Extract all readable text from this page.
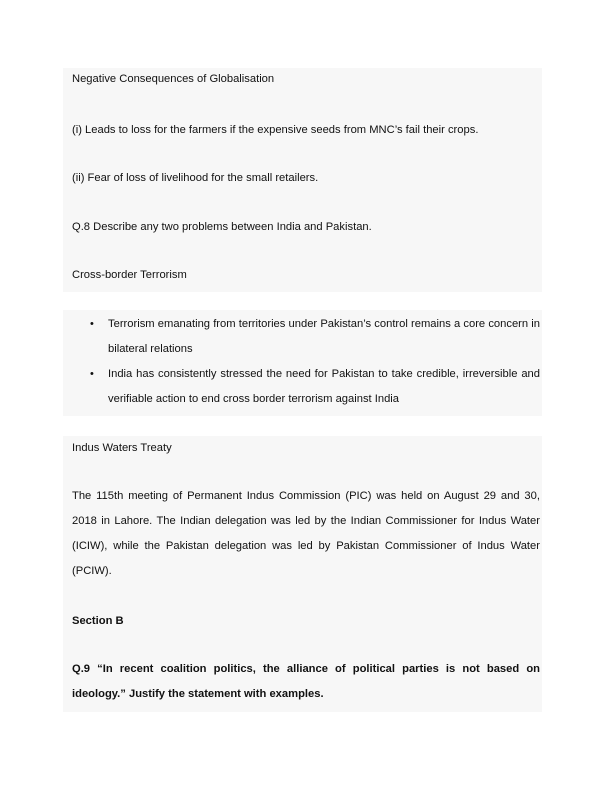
Negative Consequences of Globalisation
(i) Leads to loss for the farmers if the expensive seeds from MNC’s fail their crops.
(ii) Fear of loss of livelihood for the small retailers.
Q.8 Describe any two problems between India and Pakistan.
Cross-border Terrorism
• Terrorism emanating from territories under Pakistan’s control remains a core concern in bilateral relations
• India has consistently stressed the need for Pakistan to take credible, irreversible and verifiable action to end cross border terrorism against India
Indus Waters Treaty
The 115th meeting of Permanent Indus Commission (PIC) was held on August 29 and 30, 2018 in Lahore. The Indian delegation was led by the Indian Commissioner for Indus Water (ICIW), while the Pakistan delegation was led by Pakistan Commissioner of Indus Water (PCIW).
Section B
Q.9 “In recent coalition politics, the alliance of political parties is not based on ideology.” Justify the statement with examples.
